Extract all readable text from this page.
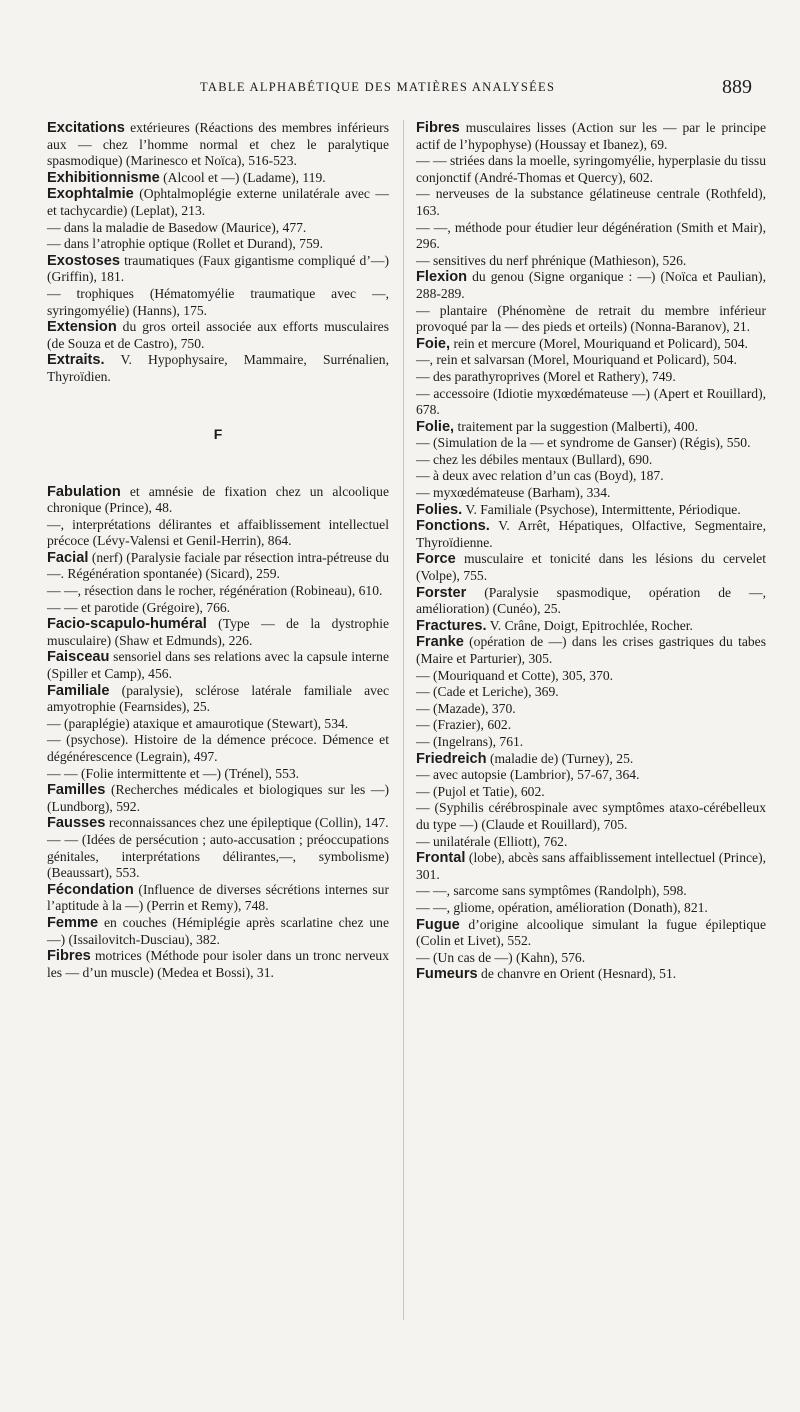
TABLE ALPHABÉTIQUE DES MATIÈRES ANALYSÉES	889

Excitations extérieures (Réactions des membres inférieurs aux — chez l’homme normal et chez le paralytique spasmodique) (Marinesco et Noïca), 516-523.

Exhibitionnisme (Alcool et —) (Ladame), 119.

Exophtalmie (Ophtalmoplégie externe unilatérale avec — et tachycardie) (Leplat), 213.

— dans la maladie de Basedow (Maurice), 477.

— dans l’atrophie optique (Rollet et Durand), 759.

Exostoses traumatiques (Faux gigantisme compliqué d’—) (Griffin), 181.

— trophiques (Hématomyélie traumatique avec —, syringomyélie) (Hanns), 175.

Extension du gros orteil associée aux efforts musculaires (de Souza et de Castro), 750.

Extraits. V. Hypophysaire, Mammaire, Surrénalien, Thyroïdien.

F

Fabulation et amnésie de fixation chez un alcoolique chronique (Prince), 48.

—, interprétations délirantes et affaiblissement intellectuel précoce (Lévy-Valensi et Genil-Herrin), 864.

Facial (nerf) (Paralysie faciale par résection intra-pétreuse du —. Régénération spontanée) (Sicard), 259.

— —, résection dans le rocher, régénération (Robineau), 610.

— — et parotide (Grégoire), 766.

Facio-scapulo-huméral (Type — de la dystrophie musculaire) (Shaw et Edmunds), 226.

Faisceau sensoriel dans ses relations avec la capsule interne (Spiller et Camp), 456.

Familiale (paralysie), sclérose latérale familiale avec amyotrophie (Fearnsides), 25.

— (paraplégie) ataxique et amaurotique (Stewart), 534.

— (psychose). Histoire de la démence précoce. Démence et dégénérescence (Legrain), 497.

— — (Folie intermittente et —) (Trénel), 553.

Familles (Recherches médicales et biologiques sur les —) (Lundborg), 592.

Fausses reconnaissances chez une épileptique (Collin), 147.

— — (Idées de persécution ; auto-accusation ; préoccupations génitales, interprétations délirantes,—, symbolisme) (Beaussart), 553.

Fécondation (Influence de diverses sécrétions internes sur l’aptitude à la —) (Perrin et Remy), 748.

Femme en couches (Hémiplégie après scarlatine chez une —) (Issailovitch-Dusciau), 382.

Fibres motrices (Méthode pour isoler dans un tronc nerveux les — d’un muscle) (Medea et Bossi), 31.

Fibres musculaires lisses (Action sur les — par le principe actif de l’hypophyse) (Houssay et Ibanez), 69.

— — striées dans la moelle, syringomyélie, hyperplasie du tissu conjonctif (André-Thomas et Quercy), 602.

— nerveuses de la substance gélatineuse centrale (Rothfeld), 163.

— —, méthode pour étudier leur dégénération (Smith et Mair), 296.

— sensitives du nerf phrénique (Mathieson), 526.

Flexion du genou (Signe organique : —) (Noïca et Paulian), 288-289.

— plantaire (Phénomène de retrait du membre inférieur provoqué par la — des pieds et orteils) (Nonna-Baranov), 21.

Foie, rein et mercure (Morel, Mouriquand et Policard), 504.

—, rein et salvarsan (Morel, Mouriquand et Policard), 504.

— des parathyroprives (Morel et Rathery), 749.

— accessoire (Idiotie myxœdémateuse —) (Apert et Rouillard), 678.

Folie, traitement par la suggestion (Malberti), 400.

— (Simulation de la — et syndrome de Ganser) (Régis), 550.

— chez les débiles mentaux (Bullard), 690.

— à deux avec relation d’un cas (Boyd), 187.

— myxœdémateuse (Barham), 334.

Folies. V. Familiale (Psychose), Intermittente, Périodique.

Fonctions. V. Arrêt, Hépatiques, Olfactive, Segmentaire, Thyroïdienne.

Force musculaire et tonicité dans les lésions du cervelet (Volpe), 755.

Forster (Paralysie spasmodique, opération de —, amélioration) (Cunéo), 25.

Fractures. V. Crâne, Doigt, Epitrochlée, Rocher.

Franke (opération de —) dans les crises gastriques du tabes (Maire et Parturier), 305.

— (Mouriquand et Cotte), 305, 370.

— (Cade et Leriche), 369.

— (Mazade), 370.

— (Frazier), 602.

— (Ingelrans), 761.

Friedreich (maladie de) (Turney), 25.

— avec autopsie (Lambrior), 57-67, 364.

— (Pujol et Tatie), 602.

— (Syphilis cérébrospinale avec symptômes ataxo-cérébelleux du type —) (Claude et Rouillard), 705.

— unilatérale (Elliott), 762.

Frontal (lobe), abcès sans affaiblissement intellectuel (Prince), 301.

— —, sarcome sans symptômes (Randolph), 598.

— —, gliome, opération, amélioration (Donath), 821.

Fugue d’origine alcoolique simulant la fugue épileptique (Colin et Livet), 552.

— (Un cas de —) (Kahn), 576.

Fumeurs de chanvre en Orient (Hesnard), 51.
